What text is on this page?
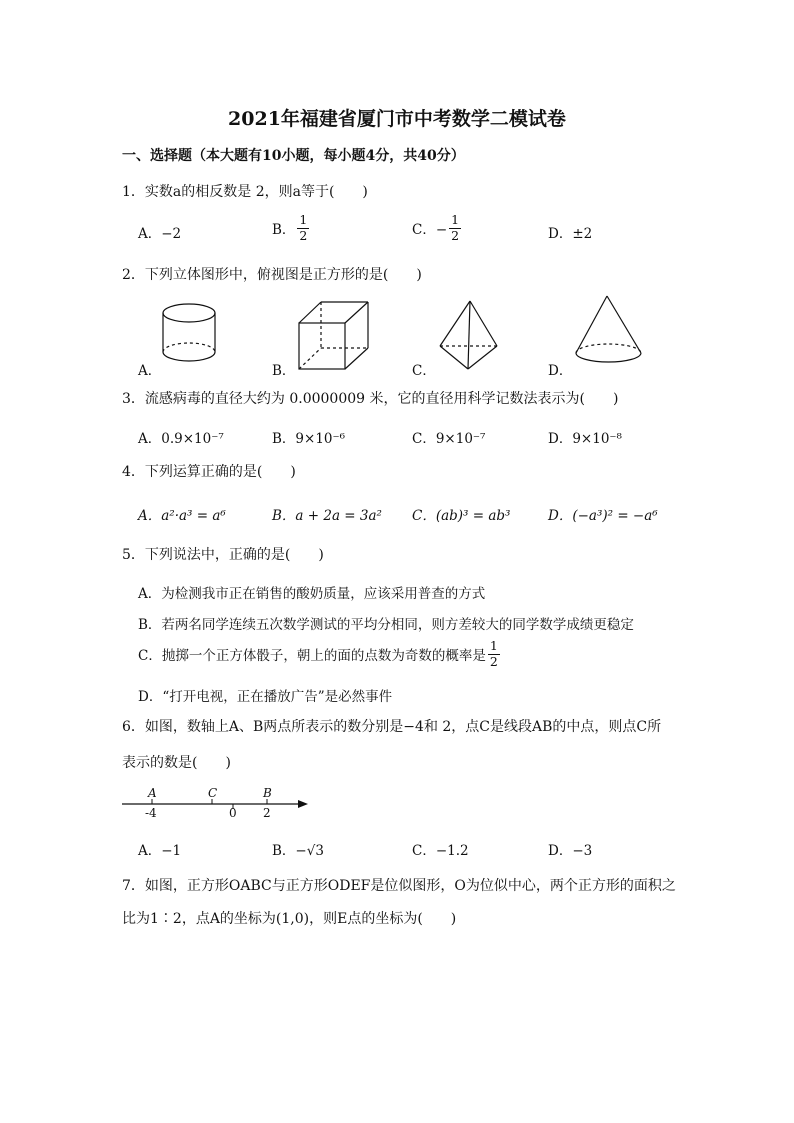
2021年福建省厦门市中考数学二模试卷
一、选择题（本大题有10小题，每小题4分，共40分）
1．实数a的相反数是 2，则a等于(　　)
A．−2	B． $\frac{1}{2}$	C．− $\frac{1}{2}$	D．±2
2．下列立体图形中，俯视图是正方形的是(　　)
A．	B．	C．	D．
3．流感病毒的直径大约为 0.0000009 米，它的直径用科学记数法表示为(　　)
A．0.9×10⁻⁷	B．9×10⁻⁶	C．9×10⁻⁷	D．9×10⁻⁸
4．下列运算正确的是(　　)
A．a²·a³ = a⁶	B．a + 2a = 3a² C．(ab)³ = ab³	D．(−a³)² = −a⁶
5．下列说法中，正确的是(　　)
A．为检测我市正在销售的酸奶质量，应该采用普查的方式
B．若两名同学连续五次数学测试的平均分相同，则方差较大的同学数学成绩更稳定
C．抛掷一个正方体骰子，朝上的面的点数为奇数的概率是 $\frac{1}{2}$
D．“打开电视，正在播放广告”是必然事件
6．如图，数轴上A、B两点所表示的数分别是−4和 2，点C是线段AB的中点，则点C所
表示的数是(　　)
A	C	B
-4	0 2
A．−1	B．−√3	C．−1.2	D．−3
7．如图，正方形OABC与正方形ODEF是位似图形，O为位似中心，两个正方形的面积之
比为1∶2，点A的坐标为(1,0)，则E点的坐标为(　　)
